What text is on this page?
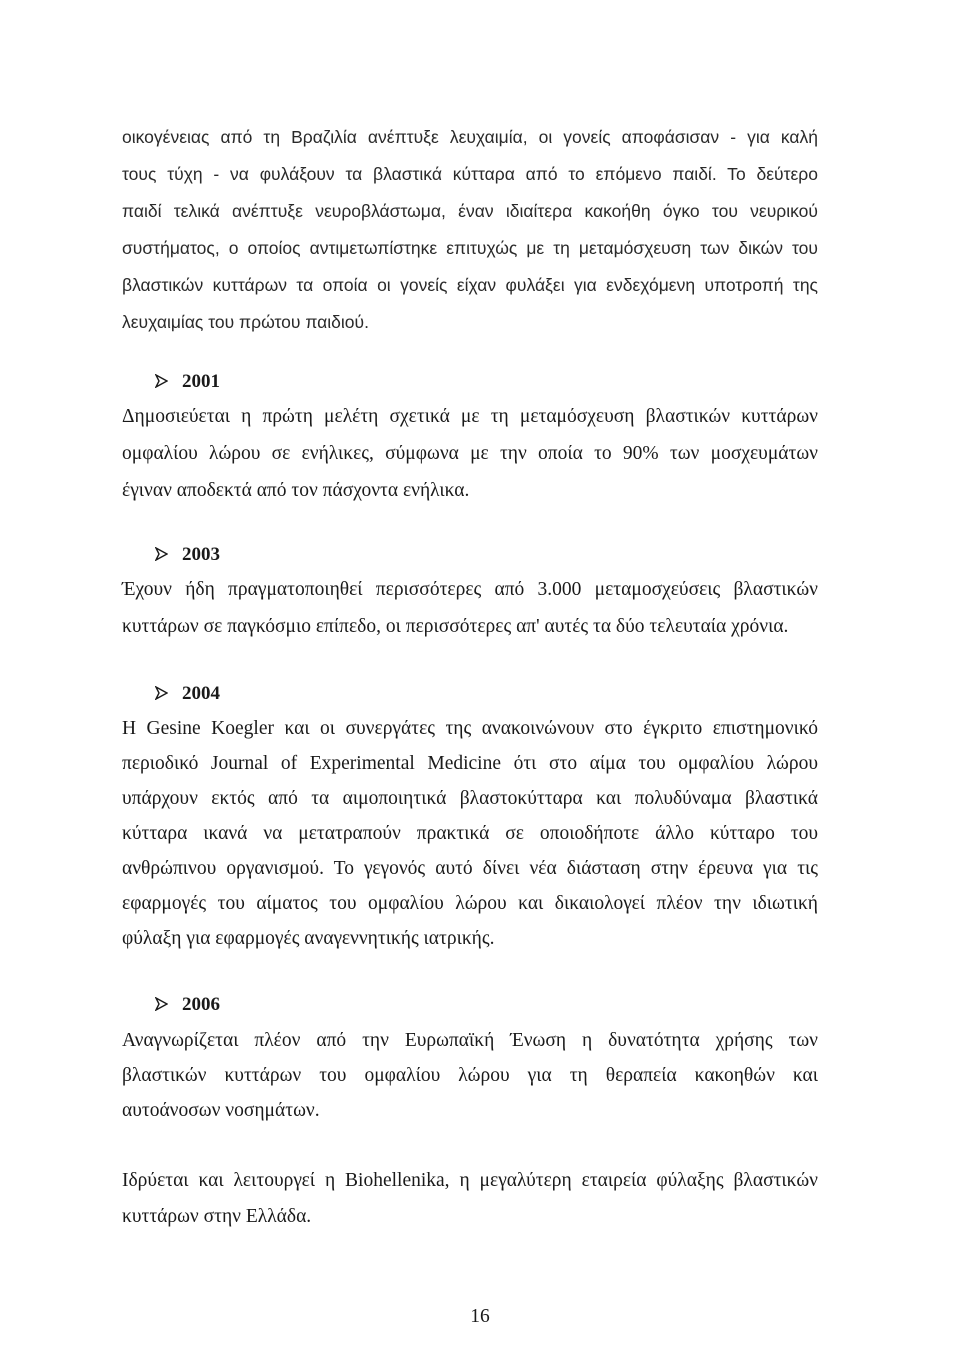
οικογένειας από τη Βραζιλία ανέπτυξε λευχαιμία, οι γονείς αποφάσισαν - για καλή
τους τύχη - να φυλάξουν τα βλαστικά κύτταρα από το επόμενο παιδί. Το δεύτερο
παιδί τελικά ανέπτυξε νευροβλάστωμα, έναν ιδιαίτερα κακοήθη όγκο του νευρικού
συστήματος, ο οποίος αντιμετωπίστηκε επιτυχώς με τη μεταμόσχευση των δικών του
βλαστικών κυττάρων τα οποία οι γονείς είχαν φυλάξει για ενδεχόμενη υποτροπή της
λευχαιμίας του πρώτου παιδιού.
2001
Δημοσιεύεται η πρώτη μελέτη σχετικά με τη μεταμόσχευση βλαστικών κυττάρων
ομφαλίου λώρου σε ενήλικες, σύμφωνα με την οποία το 90% των μοσχευμάτων
έγιναν αποδεκτά από τον πάσχοντα ενήλικα.
2003
Έχουν ήδη πραγματοποιηθεί περισσότερες από 3.000 μεταμοσχεύσεις βλαστικών
κυττάρων σε παγκόσμιο επίπεδο, οι περισσότερες απ' αυτές τα δύο τελευταία χρόνια.
2004
Η Gesine Koegler και οι συνεργάτες της ανακοινώνουν στο έγκριτο επιστημονικό
περιοδικό Journal of Experimental Medicine ότι στο αίμα του ομφαλίου λώρου
υπάρχουν εκτός από τα αιμοποιητικά βλαστοκύτταρα και πολυδύναμα βλαστικά
κύτταρα ικανά να μετατραπούν πρακτικά σε οποιοδήποτε άλλο κύτταρο του
ανθρώπινου οργανισμού. Το γεγονός αυτό δίνει νέα διάσταση στην έρευνα για τις
εφαρμογές του αίματος του ομφαλίου λώρου και δικαιολογεί πλέον την ιδιωτική
φύλαξη για εφαρμογές αναγεννητικής ιατρικής.
2006
Αναγνωρίζεται πλέον από την Ευρωπαϊκή Ένωση η δυνατότητα χρήσης των
βλαστικών κυττάρων του ομφαλίου λώρου για τη θεραπεία κακοηθών και
αυτοάνοσων νοσημάτων.
Ιδρύεται και λειτουργεί η Biohellenika, η μεγαλύτερη εταιρεία φύλαξης βλαστικών
κυττάρων στην Ελλάδα.
16
